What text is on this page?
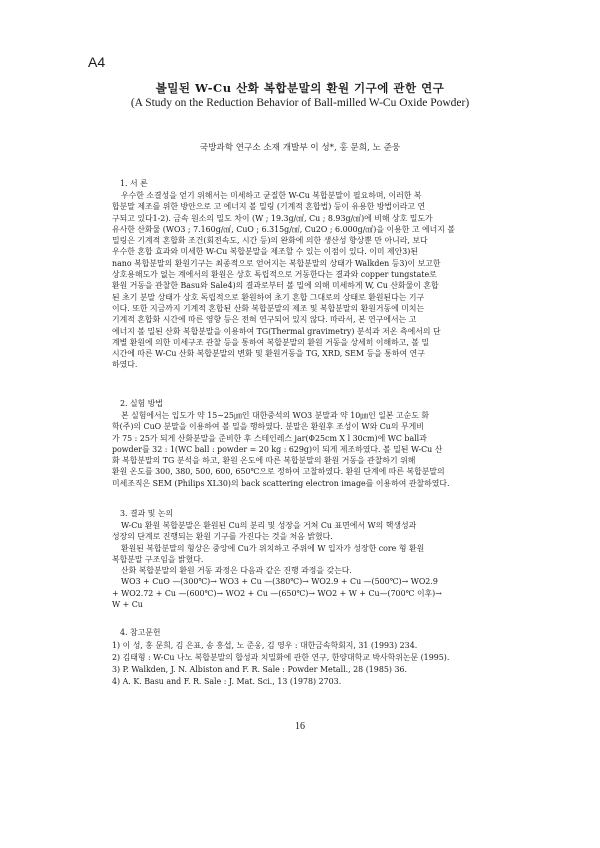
A4
볼밀된 W-Cu 산화 복합분말의 환원 기구에 관한 연구
(A Study on the Reduction Behavior of Ball-milled W-Cu Oxide Powder)
국방과학 연구소 소재 개발부 이 성*, 홍 문희, 노 준웅
1. 서 론
우수한 소결성을 얻기 위해서는 미세하고 균질한 W-Cu 복합분말이 필요하며, 이러한 복
합분말 제조를 위한 방안으로 고 에너지 볼 밀링 (기계적 혼합법) 등이 유용한 방법이라고 연
구되고 있다1-2). 금속 원소의 밀도 차이 (W ; 19.3g/㎤, Cu ; 8.93g/㎤)에 비해 상호 밀도가
유사한 산화물 (WO3 ; 7.160g/㎤, CuO ; 6.315g/㎤, Cu2O ; 6.000g/㎤)을 이용한 고 에너지 볼
밀링은 기계적 혼합화 조건(회전속도, 시간 등)의 완화에 의한 생산성 향상뿐 만 아니라, 보다
우수한 혼합 효과와 미세한 W-Cu 복합분말을 제조할 수 있는 이점이 있다. 이미 제안3)된
nano 복합분말의 환원기구는 최종적으로 얻어지는 복합분말의 상태가 Walkden 등3)이 보고한
상호용해도가 없는 계에서의 환원은 상호 독립적으로 거동한다는 결과와 copper tungstate로
환원 거동을 관찰한 Basu와 Sale4)의 결과로부터 볼 밀에 의해 미세하게 W, Cu 산화물이 혼합
된 초기 분말 상태가 상호 독립적으로 환원하여 초기 혼합 그대로의 상태로 환원된다는 기구
이다. 또한 지금까지 기계적 혼합된 산화 복합분말의 제조 및 복합분말의 환원거동에 미치는
기계적 혼합화 시간에 따른 영향 등은 전혀 연구되어 있지 않다. 따라서, 본 연구에서는 고
에너지 볼 밀된 산화 복합분말을 이용하여 TG(Thermal gravimetry) 분석과 저온 측에서의 단
계별 환원에 의한 미세구조 관찰 등을 통하여 복합분말의 환원 거동을 상세히 이해하고, 볼 밀
시간에 따른 W-Cu 산화 복합분말의 변화 및 환원거동을 TG, XRD, SEM 등을 통하여 연구
하였다.
2. 실험 방법
본 실험에서는 입도가 약 15~25㎛인 대한중석의 WO3 분말과 약 10㎛인 일본 고순도 화
학(주)의 CuO 분말을 이용하여 볼 밀을 행하였다. 분말은 환원후 조성이 W와 Cu의 무게비
가 75 : 25가 되게 산화분말을 준비한 후 스테인레스 jar(Φ25cm X l 30cm)에 WC ball과
powder를 32 : 1(WC ball : powder = 20 kg : 629g)이 되게 제조하였다. 볼 밀된 W-Cu 산
화 복합분말의 TG 분석을 하고, 환원 온도에 따른 복합분말의 환원 거동을 관찰하기 위해
환원 온도를 300, 380, 500, 600, 650℃으로 정하여 고찰하였다. 환원 단계에 따른 복합분말의
미세조직은 SEM (Philips XL30)의 back scattering electron image를 이용하여 관찰하였다.
3. 결과 및 논의
W-Cu 환원 복합분말은 환원된 Cu의 분리 및 성장을 거쳐 Cu 표면에서 W의 핵생성과
성장의 단계로 진행되는 환원 기구를 가진다는 것을 처음 밝혔다.
환원된 복합분말의 형상은 중앙에 Cu가 위치하고 주위에 W 입자가 성장한 core 형 환원
복합분말 구조임을 밝혔다.
산화 복합분말의 환원 거동 과정은 다음과 같은 진행 과정을 갖는다.
WO3 + CuO —(300℃)→ WO3 + Cu —(380℃)→ WO2.9 + Cu —(500℃)→ WO2.9
+ WO2.72 + Cu —(600℃)→ WO2 + Cu —(650℃)→ WO2 + W + Cu—(700℃ 이후)→
W + Cu
4. 참고문헌
1) 이 성, 홍 문희, 김 은표, 송 흥섭, 노 준웅, 김 영우 : 대한금속학회지, 31 (1993) 234.
2) 김태형 : W-Cu 나노 복합분말의 합성과 치밀화에 관한 연구, 한양대학교 박사학위논문 (1995).
3) P. Walkden, J. N. Albiston and F. R. Sale : Powder Metall., 28 (1985) 36.
4) A. K. Basu and F. R. Sale : J. Mat. Sci., 13 (1978) 2703.
16
